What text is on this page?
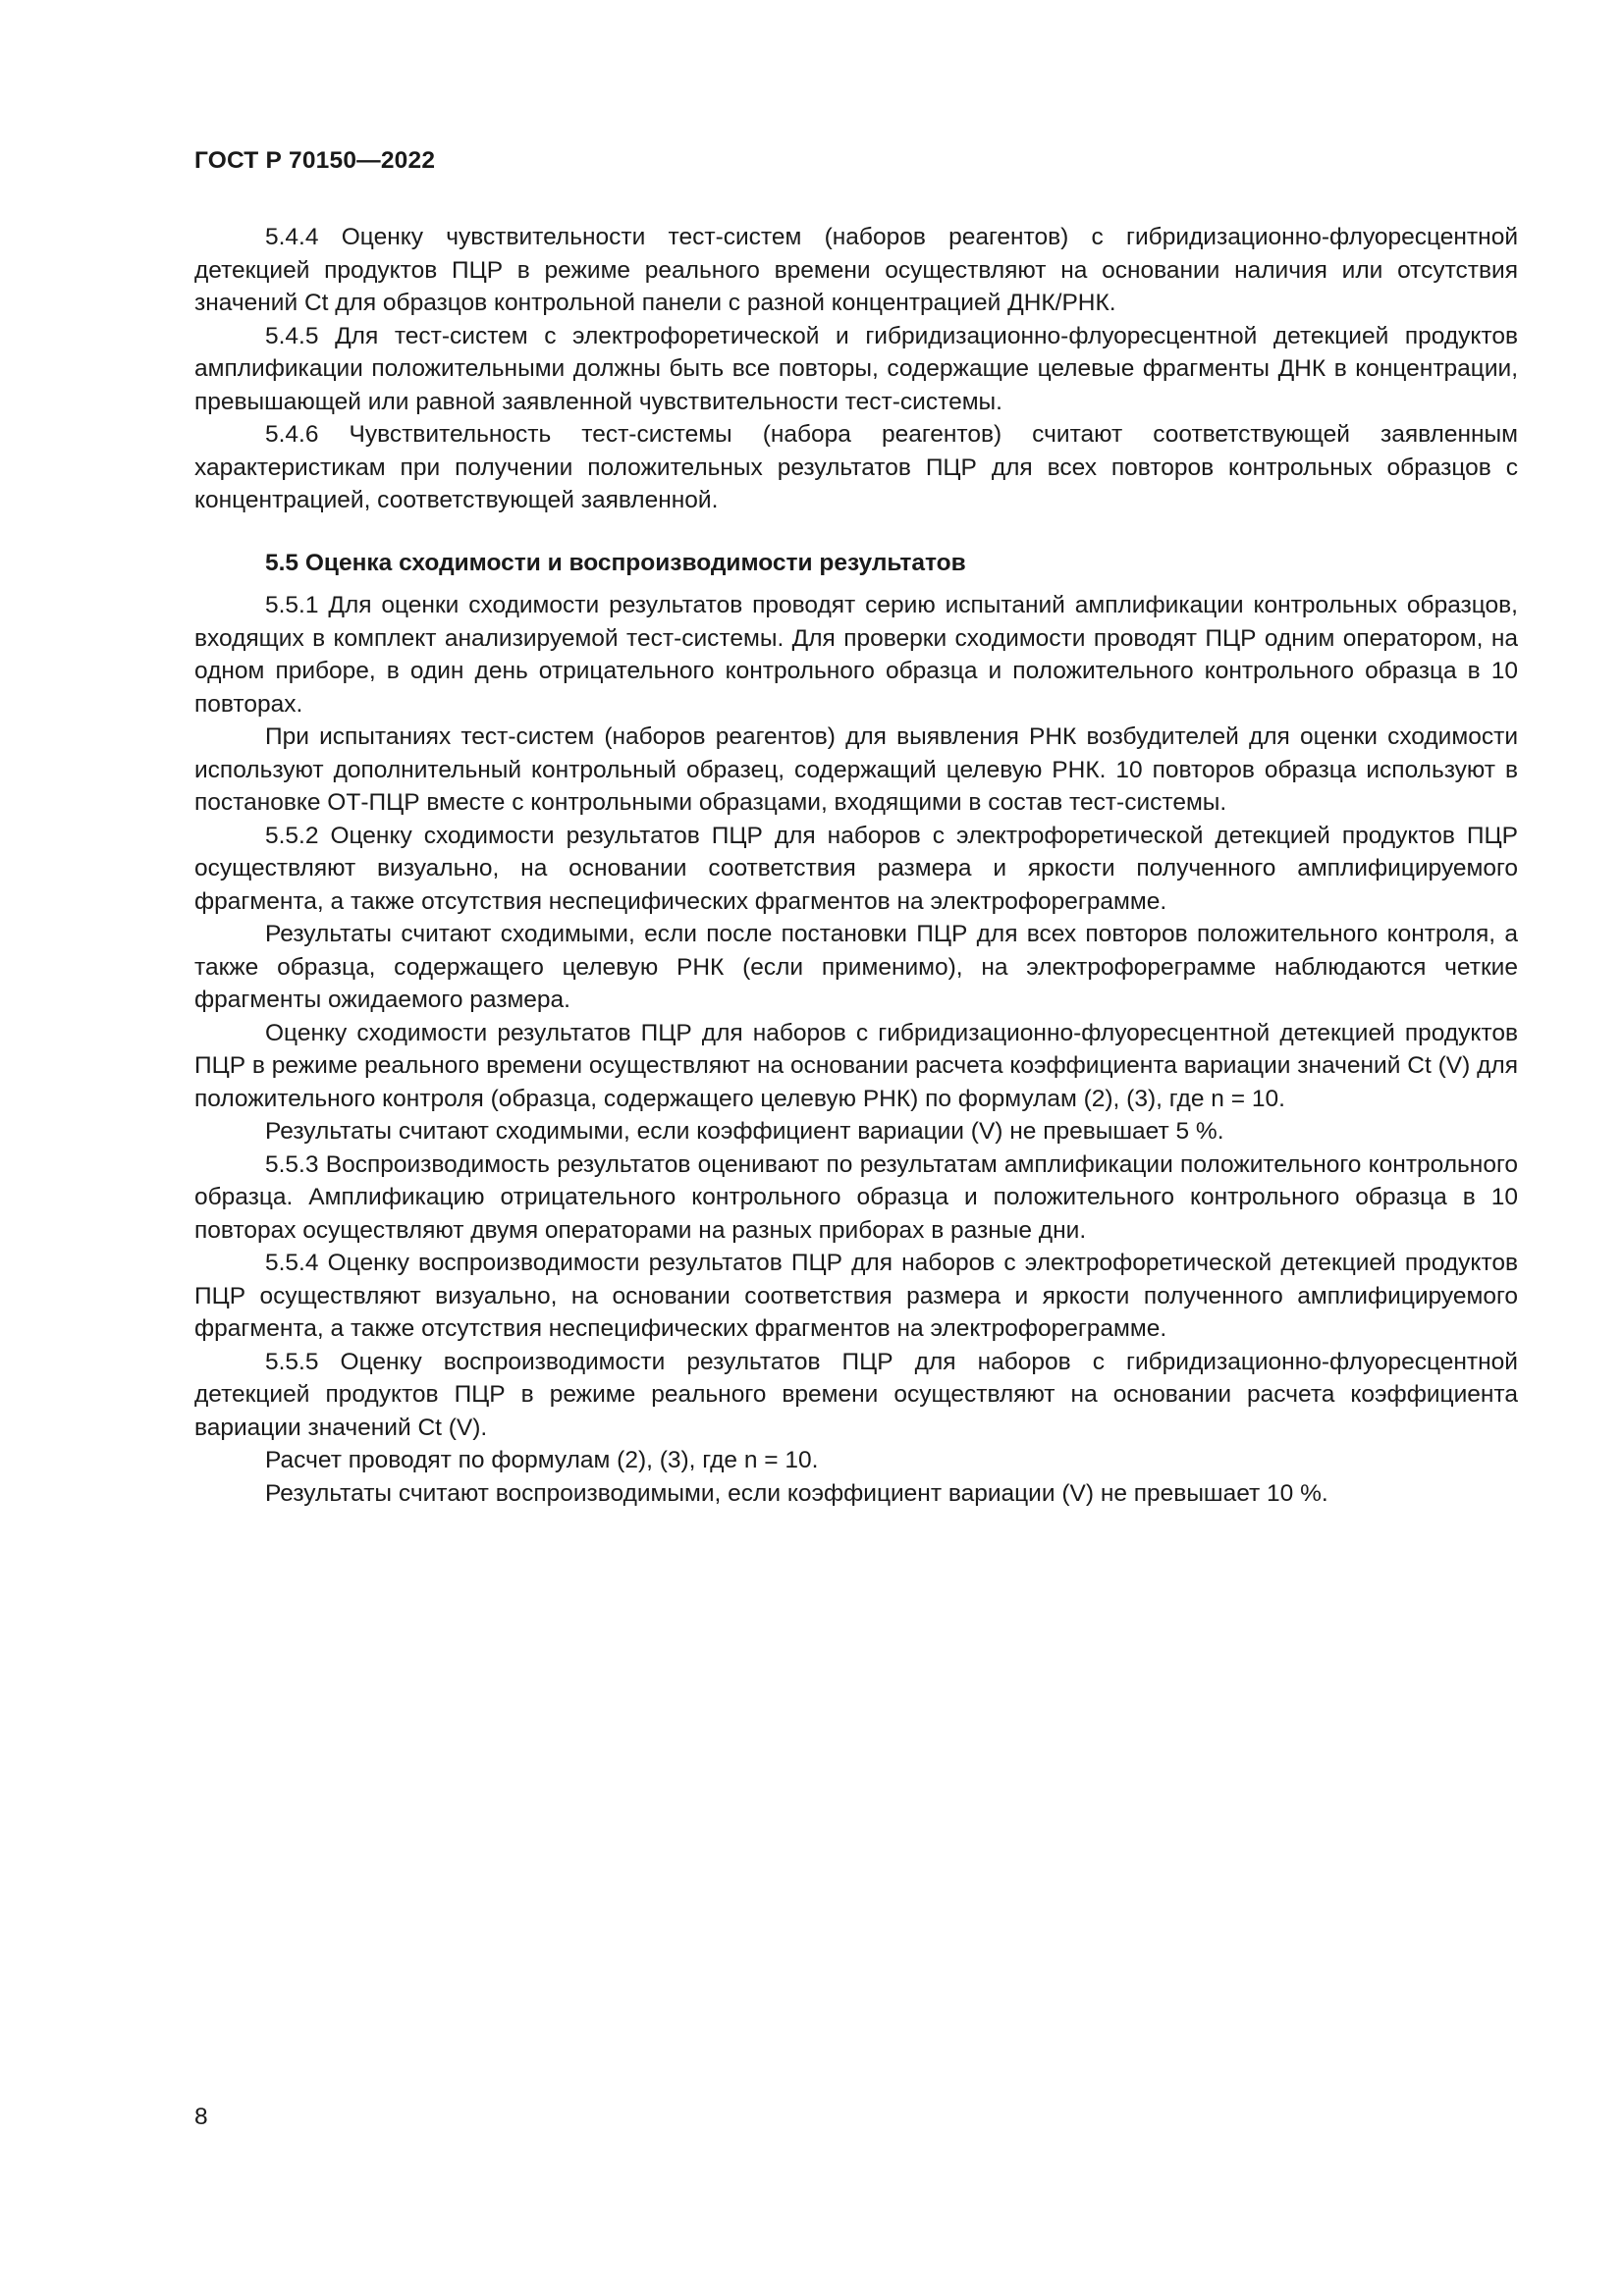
ГОСТ Р 70150—2022

5.4.4 Оценку чувствительности тест-систем (наборов реагентов) с гибридизационно-флуоресцентной детекцией продуктов ПЦР в режиме реального времени осуществляют на основании наличия или отсутствия значений Ct для образцов контрольной панели с разной концентрацией ДНК/РНК.

5.4.5 Для тест-систем с электрофоретической и гибридизационно-флуоресцентной детекцией продуктов амплификации положительными должны быть все повторы, содержащие целевые фрагменты ДНК в концентрации, превышающей или равной заявленной чувствительности тест-системы.

5.4.6 Чувствительность тест-системы (набора реагентов) считают соответствующей заявленным характеристикам при получении положительных результатов ПЦР для всех повторов контрольных образцов с концентрацией, соответствующей заявленной.

5.5 Оценка сходимости и воспроизводимости результатов

5.5.1 Для оценки сходимости результатов проводят серию испытаний амплификации контрольных образцов, входящих в комплект анализируемой тест-системы. Для проверки сходимости проводят ПЦР одним оператором, на одном приборе, в один день отрицательного контрольного образца и положительного контрольного образца в 10 повторах.

При испытаниях тест-систем (наборов реагентов) для выявления РНК возбудителей для оценки сходимости используют дополнительный контрольный образец, содержащий целевую РНК. 10 повторов образца используют в постановке ОТ-ПЦР вместе с контрольными образцами, входящими в состав тест-системы.

5.5.2 Оценку сходимости результатов ПЦР для наборов с электрофоретической детекцией продуктов ПЦР осуществляют визуально, на основании соответствия размера и яркости полученного амплифицируемого фрагмента, а также отсутствия неспецифических фрагментов на электрофореграмме.

Результаты считают сходимыми, если после постановки ПЦР для всех повторов положительного контроля, а также образца, содержащего целевую РНК (если применимо), на электрофореграмме наблюдаются четкие фрагменты ожидаемого размера.

Оценку сходимости результатов ПЦР для наборов с гибридизационно-флуоресцентной детекцией продуктов ПЦР в режиме реального времени осуществляют на основании расчета коэффициента вариации значений Ct (V) для положительного контроля (образца, содержащего целевую РНК) по формулам (2), (3), где n = 10.

Результаты считают сходимыми, если коэффициент вариации (V) не превышает 5 %.

5.5.3 Воспроизводимость результатов оценивают по результатам амплификации положительного контрольного образца. Амплификацию отрицательного контрольного образца и положительного контрольного образца в 10 повторах осуществляют двумя операторами на разных приборах в разные дни.

5.5.4 Оценку воспроизводимости результатов ПЦР для наборов с электрофоретической детекцией продуктов ПЦР осуществляют визуально, на основании соответствия размера и яркости полученного амплифицируемого фрагмента, а также отсутствия неспецифических фрагментов на электрофореграмме.

5.5.5 Оценку воспроизводимости результатов ПЦР для наборов с гибридизационно-флуоресцентной детекцией продуктов ПЦР в режиме реального времени осуществляют на основании расчета коэффициента вариации значений Ct (V).

Расчет проводят по формулам (2), (3), где n = 10.

Результаты считают воспроизводимыми, если коэффициент вариации (V) не превышает 10 %.

8
